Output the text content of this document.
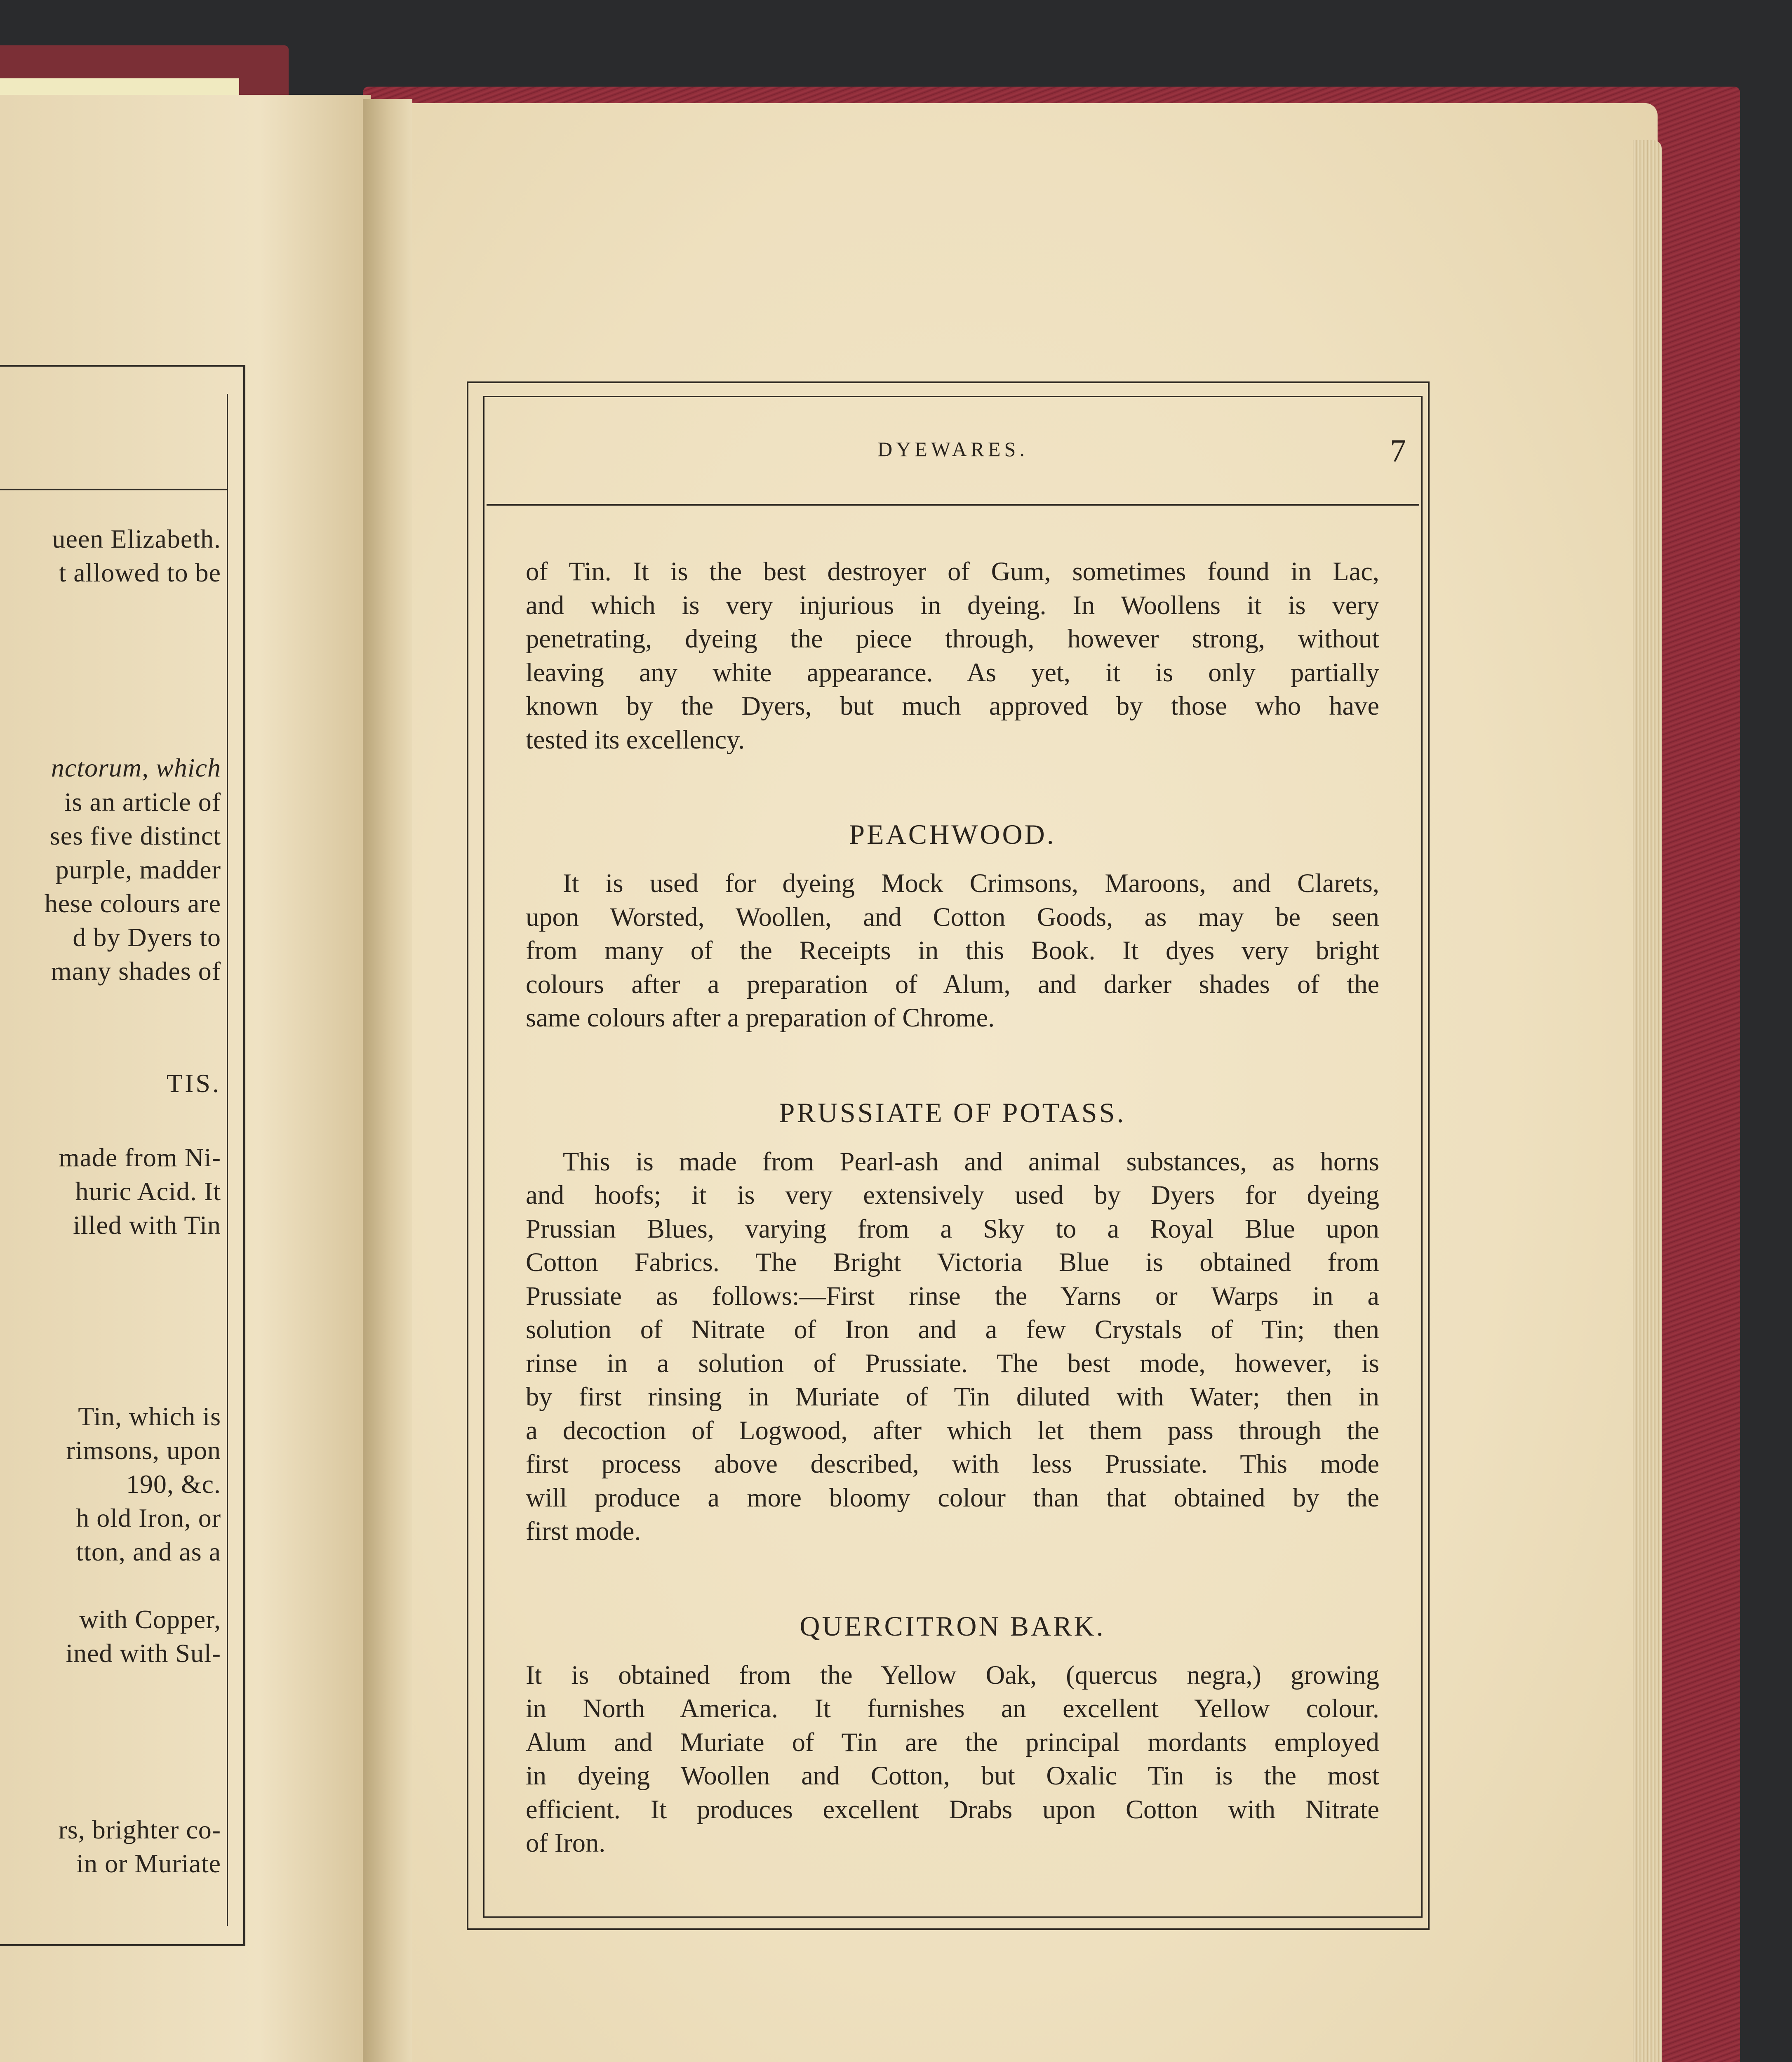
ueen Elizabeth.
t allowed to be
nctorum, which
is an article of
ses five distinct
purple, madder
hese colours are
d by Dyers to
many shades of
TIS.
made from Ni-
huric Acid. It
illed with Tin
Tin, which is
rimsons, upon
190, &c.
h old Iron, or
tton, and as a
with Copper,
ined with Sul-
rs, brighter co-
in or Muriate
DYEWARES.	7
of Tin. It is the best destroyer of Gum, sometimes found in Lac,
and which is very injurious in dyeing. In Woollens it is very
penetrating, dyeing the piece through, however strong, without
leaving any white appearance. As yet, it is only partially
known by the Dyers, but much approved by those who have
tested its excellency.
PEACHWOOD.
It is used for dyeing Mock Crimsons, Maroons, and Clarets,
upon Worsted, Woollen, and Cotton Goods, as may be seen
from many of the Receipts in this Book. It dyes very bright
colours after a preparation of Alum, and darker shades of the
same colours after a preparation of Chrome.
PRUSSIATE OF POTASS.
This is made from Pearl-ash and animal substances, as horns
and hoofs; it is very extensively used by Dyers for dyeing
Prussian Blues, varying from a Sky to a Royal Blue upon
Cotton Fabrics. The Bright Victoria Blue is obtained from
Prussiate as follows:—First rinse the Yarns or Warps in a
solution of Nitrate of Iron and a few Crystals of Tin; then
rinse in a solution of Prussiate. The best mode, however, is
by first rinsing in Muriate of Tin diluted with Water; then in
a decoction of Logwood, after which let them pass through the
first process above described, with less Prussiate. This mode
will produce a more bloomy colour than that obtained by the
first mode.
QUERCITRON BARK.
It is obtained from the Yellow Oak, (quercus negra,) growing
in North America. It furnishes an excellent Yellow colour.
Alum and Muriate of Tin are the principal mordants employed
in dyeing Woollen and Cotton, but Oxalic Tin is the most
efficient. It produces excellent Drabs upon Cotton with Nitrate
of Iron.
